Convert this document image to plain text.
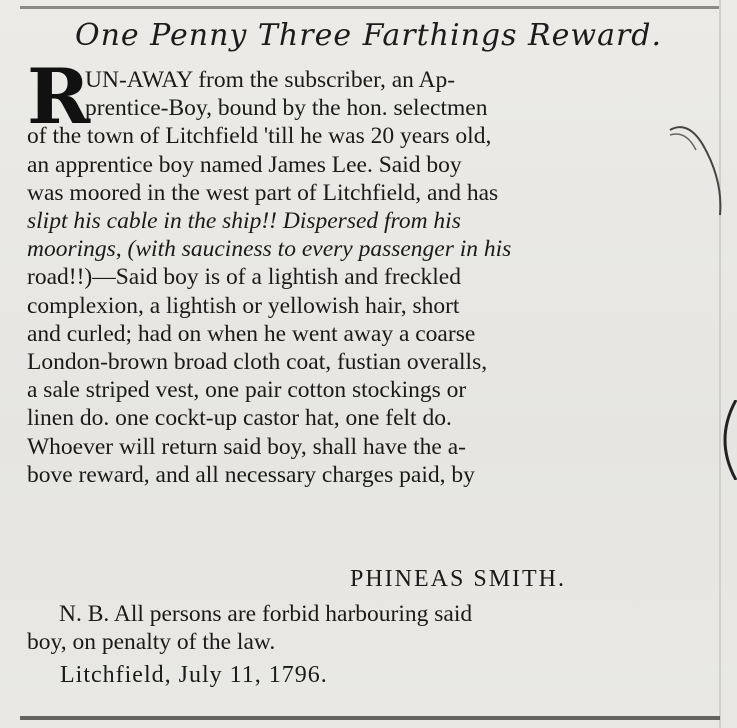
One Penny Three Farthings Reward.
R
UN-AWAY from the subscriber, an Ap-
prentice-Boy, bound by the hon. selectmen
of the town of Litchfield 'till he was 20 years old,
an apprentice boy named James Lee. Said boy
was moored in the west part of Litchfield, and has
slipt his cable in the ship!! Dispersed from his
moorings, (with sauciness to every passenger in his
road!!)—Said boy is of a lightish and freckled
complexion, a lightish or yellowish hair, short
and curled; had on when he went away a coarse
London-brown broad cloth coat, fustian overalls,
a sale striped vest, one pair cotton stockings or
linen do. one cockt-up castor hat, one felt do.
Whoever will return said boy, shall have the a-
bove reward, and all necessary charges paid, by
PHINEAS SMITH.
N. B. All persons are forbid harbouring said
boy, on penalty of the law.
Litchfield, July 11, 1796.
